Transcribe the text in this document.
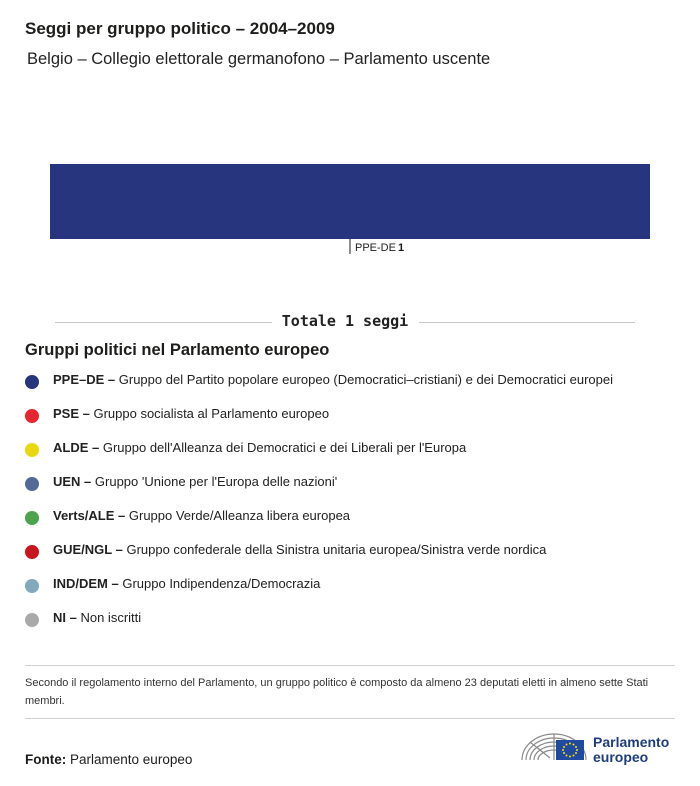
Seggi per gruppo politico – 2004–2009
Belgio – Collegio elettorale germanofono – Parlamento uscente
PPE-DE 1
Totale 1 seggi
Gruppi politici nel Parlamento europeo
PPE–DE – Gruppo del Partito popolare europeo (Democratici–cristiani) e dei Democratici europei
PSE – Gruppo socialista al Parlamento europeo
ALDE – Gruppo dell'Alleanza dei Democratici e dei Liberali per l'Europa
UEN – Gruppo 'Unione per l'Europa delle nazioni'
Verts/ALE – Gruppo Verde/Alleanza libera europea
GUE/NGL – Gruppo confederale della Sinistra unitaria europea/Sinistra verde nordica
IND/DEM – Gruppo Indipendenza/Democrazia
NI – Non iscritti
Secondo il regolamento interno del Parlamento, un gruppo politico è composto da almeno 23 deputati eletti in almeno sette Stati membri.
Fonte: Parlamento europeo
Parlamento
europeo
